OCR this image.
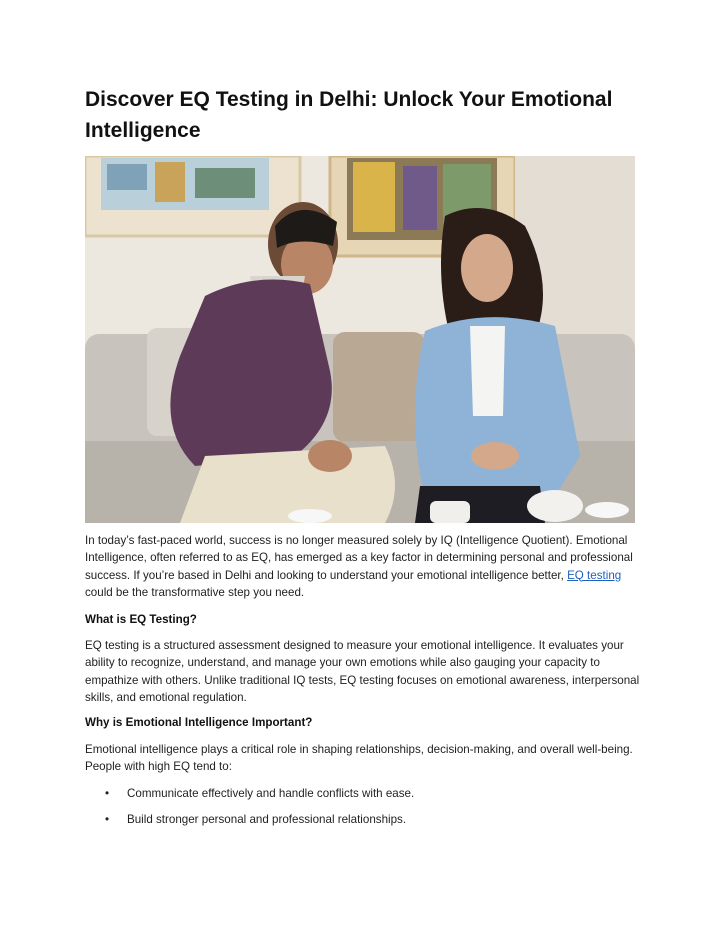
Discover EQ Testing in Delhi: Unlock Your Emotional Intelligence

In today’s fast-paced world, success is no longer measured solely by IQ (Intelligence Quotient). Emotional Intelligence, often referred to as EQ, has emerged as a key factor in determining personal and professional success. If you’re based in Delhi and looking to understand your emotional intelligence better, EQ testing could be the transformative step you need.

What is EQ Testing?

EQ testing is a structured assessment designed to measure your emotional intelligence. It evaluates your ability to recognize, understand, and manage your own emotions while also gauging your capacity to empathize with others. Unlike traditional IQ tests, EQ testing focuses on emotional awareness, interpersonal skills, and emotional regulation.

Why is Emotional Intelligence Important?

Emotional intelligence plays a critical role in shaping relationships, decision-making, and overall well-being. People with high EQ tend to:

• Communicate effectively and handle conflicts with ease.
• Build stronger personal and professional relationships.
